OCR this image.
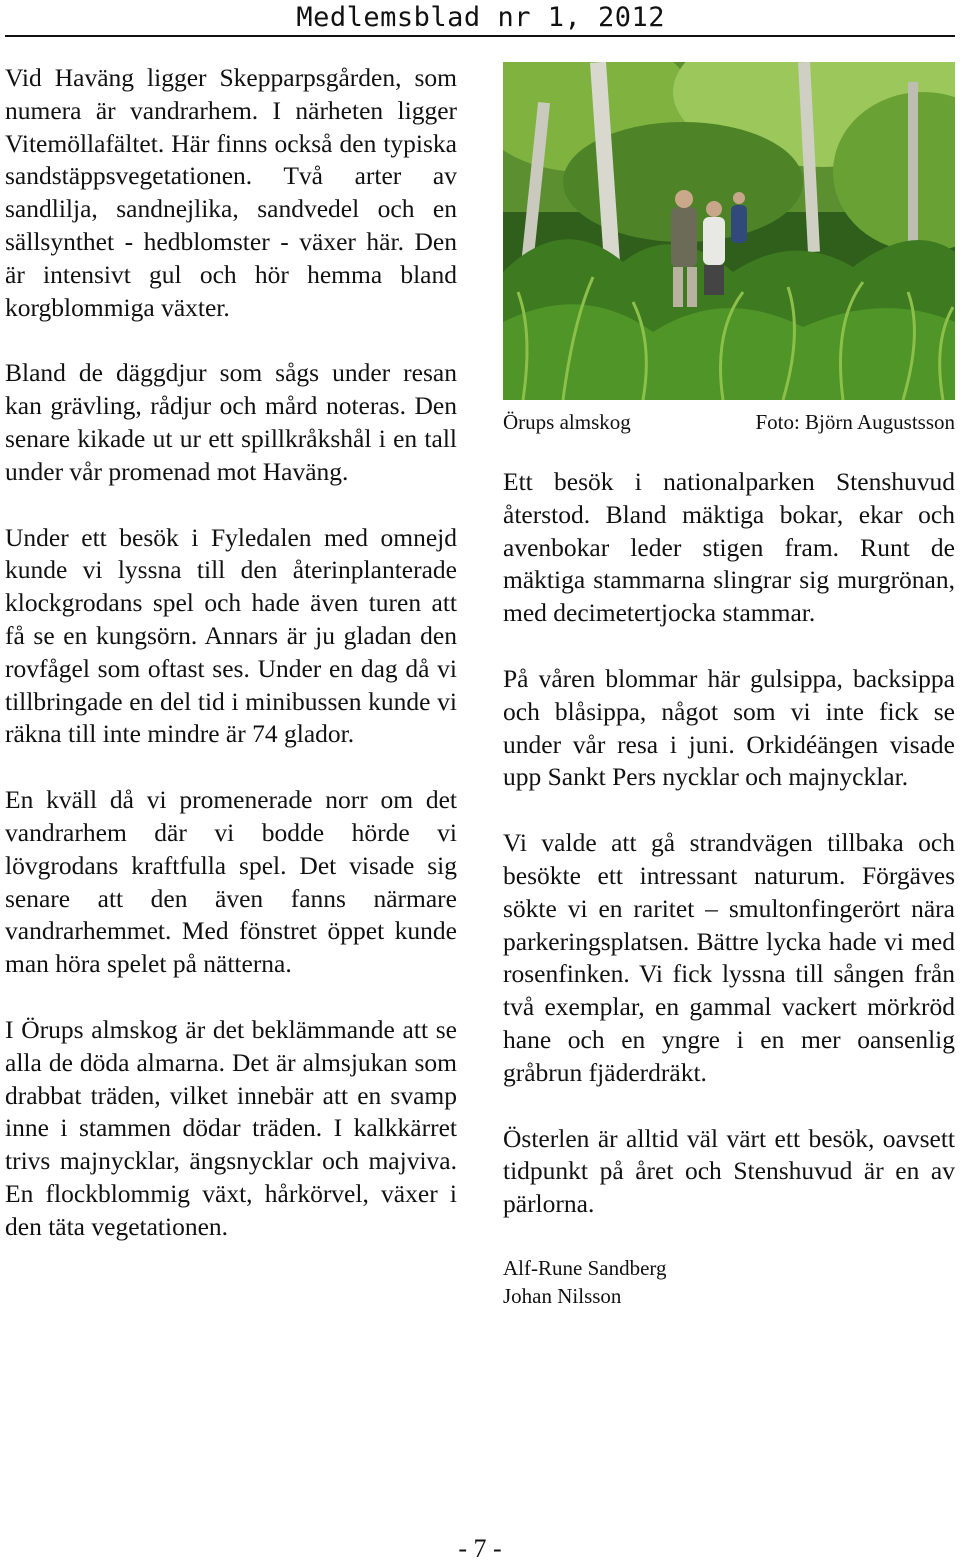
Medlemsblad nr 1, 2012

Vid Haväng ligger Skepparpsgården, som numera är vandrarhem. I närheten ligger Vitemöllafältet. Här finns också den typiska sandstäppsvegetationen. Två arter av sandlilja, sandnejlika, sandvedel och en sällsynthet - hedblomster - växer här. Den är intensivt gul och hör hemma bland korgblommiga växter.

Bland de däggdjur som sågs under resan kan grävling, rådjur och mård noteras. Den senare kikade ut ur ett spillkråkshål i en tall under vår promenad mot Haväng.

Under ett besök i Fyledalen med omnejd kunde vi lyssna till den återinplanterade klockgrodans spel och hade även turen att få se en kungsörn. Annars är ju gladan den rovfågel som oftast ses. Under en dag då vi tillbringade en del tid i minibussen kunde vi räkna till inte mindre är 74 glador.

En kväll då vi promenerade norr om det vandrarhem där vi bodde hörde vi lövgrodans kraftfulla spel. Det visade sig senare att den även fanns närmare vandrarhemmet. Med fönstret öppet kunde man höra spelet på nätterna.

I Örups almskog är det beklämmande att se alla de döda almarna. Det är almsjukan som drabbat träden, vilket innebär att en svamp inne i stammen dödar träden. I kalkkärret trivs majnycklar, ängsnycklar och majviva. En flockblommig växt, hårkörvel, växer i den täta vegetationen.

Örups almskog	Foto: Björn Augustsson

Ett besök i nationalparken Stenshuvud återstod. Bland mäktiga bokar, ekar och avenbokar leder stigen fram. Runt de mäktiga stammarna slingrar sig murgrönan, med decimetertjocka stammar.

På våren blommar här gulsippa, backsippa och blåsippa, något som vi inte fick se under vår resa i juni. Orkidéängen visade upp Sankt Pers nycklar och majnycklar.

Vi valde att gå strandvägen tillbaka och besökte ett intressant naturum. Förgäves sökte vi en raritet – smultonfingerört nära parkeringsplatsen. Bättre lycka hade vi med rosenfinken. Vi fick lyssna till sången från två exemplar, en gammal vackert mörkröd hane och en yngre i en mer oansenlig gråbrun fjäderdräkt.

Österlen är alltid väl värt ett besök, oavsett tidpunkt på året och Stenshuvud är en av pärlorna.

Alf-Rune Sandberg
Johan Nilsson
- 7 -
